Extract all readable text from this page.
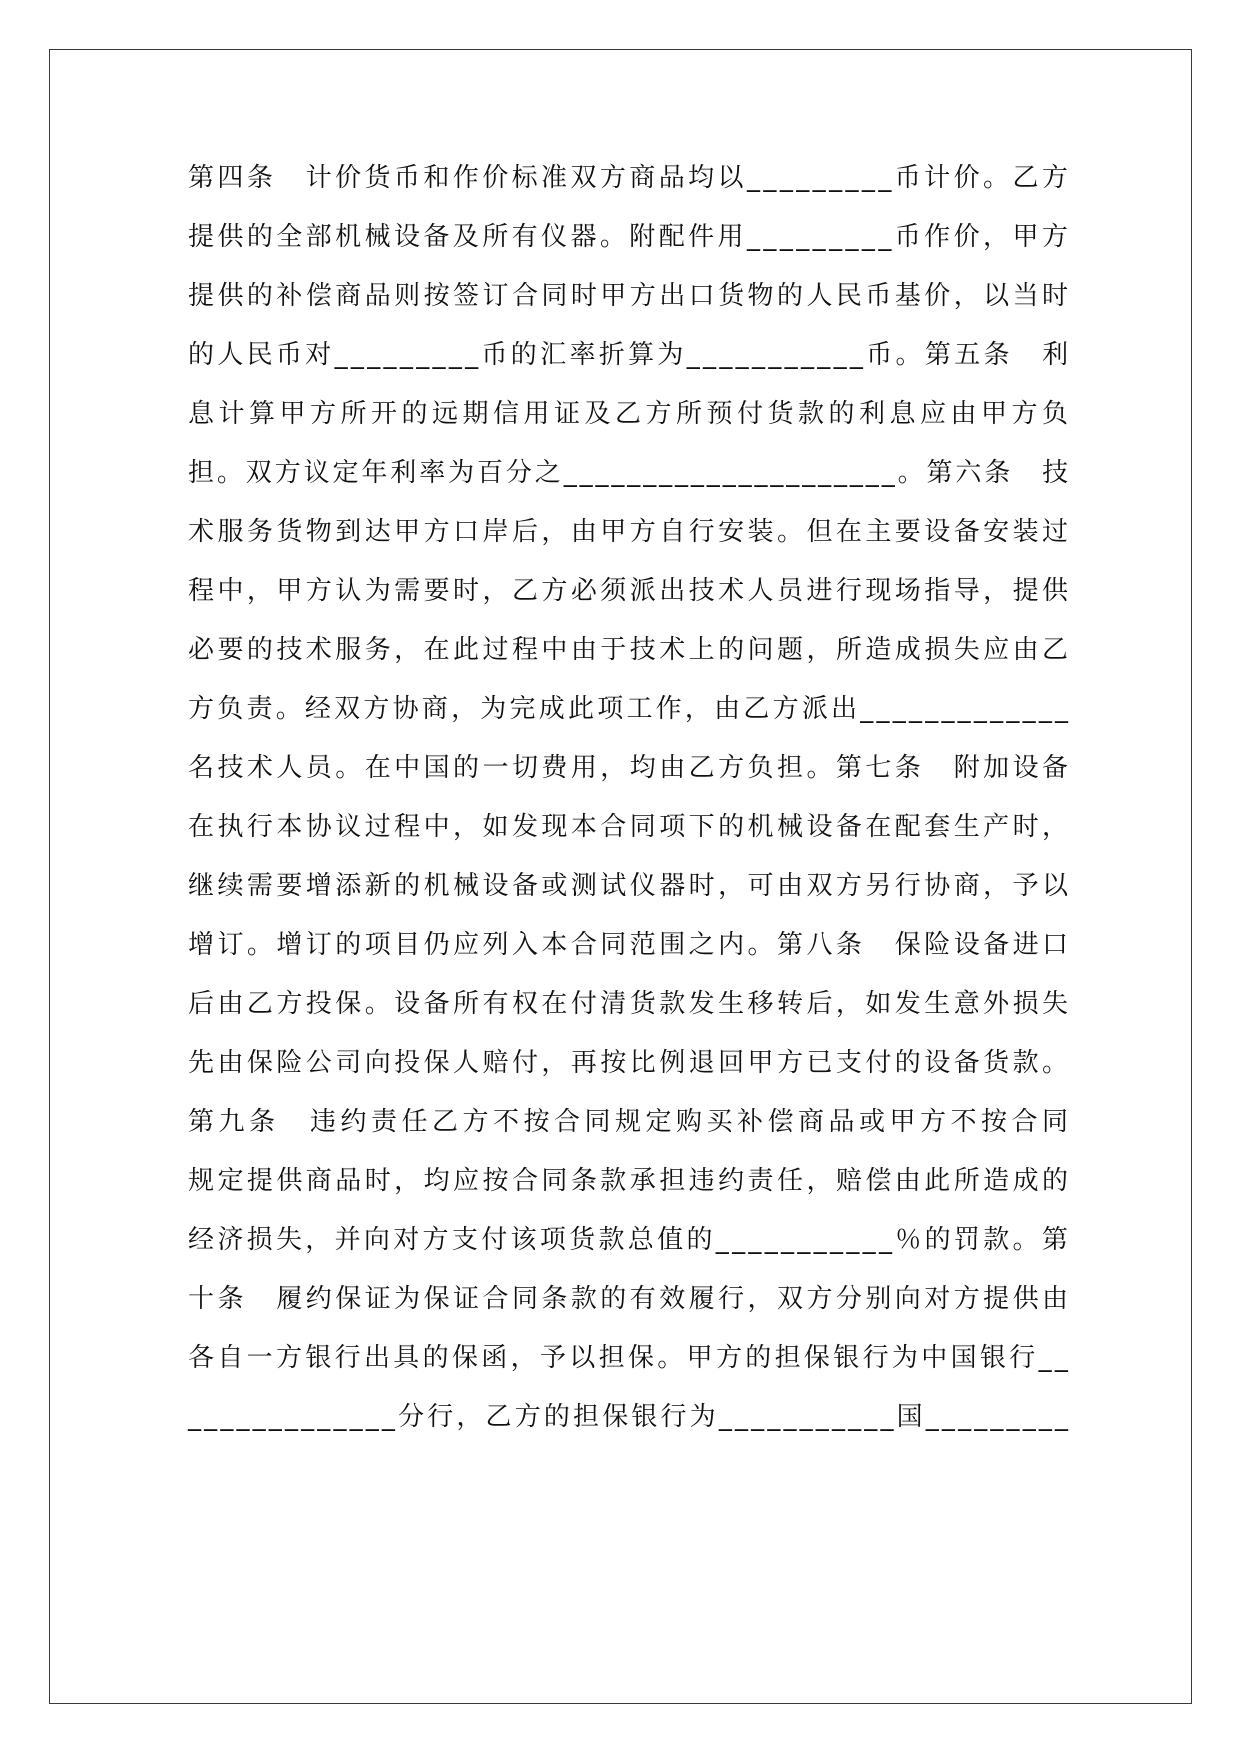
第四条　计价货币和作价标准双方商品均以_________币计价。乙方
提供的全部机械设备及所有仪器。附配件用_________币作价，甲方
提供的补偿商品则按签订合同时甲方出口货物的人民币基价，以当时
的人民币对_________币的汇率折算为___________币。第五条　利
息计算甲方所开的远期信用证及乙方所预付货款的利息应由甲方负
担。双方议定年利率为百分之_____________________。第六条　技
术服务货物到达甲方口岸后，由甲方自行安装。但在主要设备安装过
程中，甲方认为需要时，乙方必须派出技术人员进行现场指导，提供
必要的技术服务，在此过程中由于技术上的问题，所造成损失应由乙
方负责。经双方协商，为完成此项工作，由乙方派出_____________
名技术人员。在中国的一切费用，均由乙方负担。第七条　附加设备
在执行本协议过程中，如发现本合同项下的机械设备在配套生产时，
继续需要增添新的机械设备或测试仪器时，可由双方另行协商，予以
增订。增订的项目仍应列入本合同范围之内。第八条　保险设备进口
后由乙方投保。设备所有权在付清货款发生移转后，如发生意外损失
先由保险公司向投保人赔付，再按比例退回甲方已支付的设备货款。
第九条　违约责任乙方不按合同规定购买补偿商品或甲方不按合同
规定提供商品时，均应按合同条款承担违约责任，赔偿由此所造成的
经济损失，并向对方支付该项货款总值的___________％的罚款。第
十条　履约保证为保证合同条款的有效履行，双方分别向对方提供由
各自一方银行出具的保函，予以担保。甲方的担保银行为中国银行__
_____________分行，乙方的担保银行为___________国_________
